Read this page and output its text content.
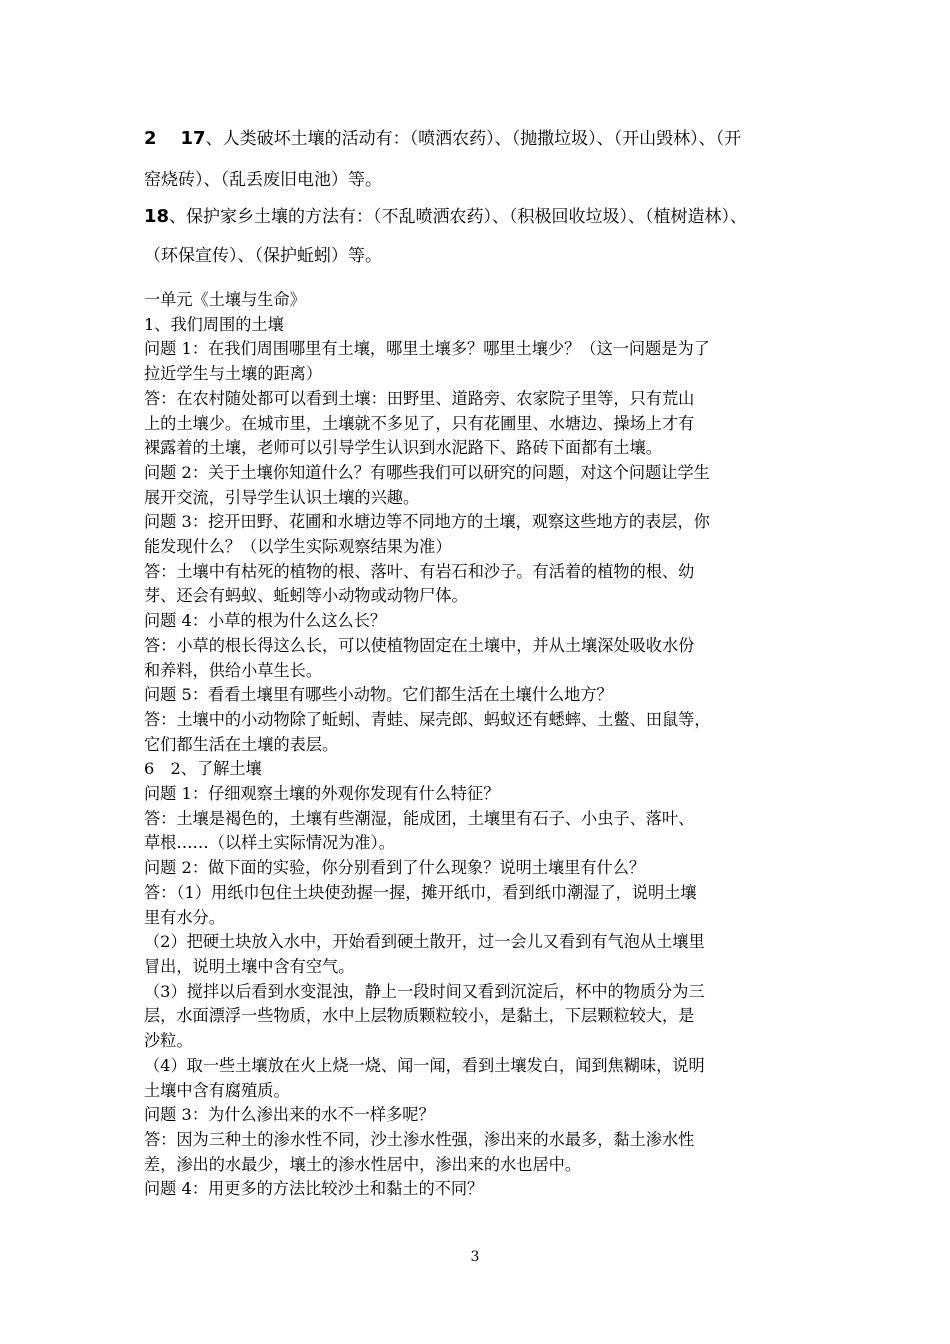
2 17、人类破坏土壤的活动有：（喷洒农药）、（抛撒垃圾）、（开山毁林）、（开
窑烧砖）、（乱丢废旧电池）等。
18、保护家乡土壤的方法有：（不乱喷洒农药）、（积极回收垃圾）、（植树造林）、
（环保宣传）、（保护蚯蚓）等。

一单元《土壤与生命》

1、我们周围的土壤

问题 1：在我们周围哪里有土壤，哪里土壤多？哪里土壤少？（这一问题是为了

拉近学生与土壤的距离）

答：在农村随处都可以看到土壤：田野里、道路旁、农家院子里等，只有荒山

上的土壤少。在城市里，土壤就不多见了，只有花圃里、水塘边、操场上才有

裸露着的土壤，老师可以引导学生认识到水泥路下、路砖下面都有土壤。

问题 2：关于土壤你知道什么？有哪些我们可以研究的问题，对这个问题让学生

展开交流，引导学生认识土壤的兴趣。

问题 3：挖开田野、花圃和水塘边等不同地方的土壤，观察这些地方的表层，你

能发现什么？（以学生实际观察结果为准）

答：土壤中有枯死的植物的根、落叶、有岩石和沙子。有活着的植物的根、幼

芽、还会有蚂蚁、蚯蚓等小动物或动物尸体。

问题 4：小草的根为什么这么长？

答：小草的根长得这么长，可以使植物固定在土壤中，并从土壤深处吸收水份

和养料，供给小草生长。

问题 5：看看土壤里有哪些小动物。它们都生活在土壤什么地方？

答：土壤中的小动物除了蚯蚓、青蛙、屎壳郎、蚂蚁还有蟋蟀、土鳖、田鼠等，

它们都生活在土壤的表层。

6　2、了解土壤

问题 1：仔细观察土壤的外观你发现有什么特征？

答：土壤是褐色的，土壤有些潮湿，能成团，土壤里有石子、小虫子、落叶、

草根……（以样土实际情况为准）。

问题 2：做下面的实验，你分别看到了什么现象？说明土壤里有什么？

答：（1）用纸巾包住土块使劲握一握，摊开纸巾，看到纸巾潮湿了，说明土壤

里有水分。

（2）把硬土块放入水中，开始看到硬土散开，过一会儿又看到有气泡从土壤里

冒出，说明土壤中含有空气。

（3）搅拌以后看到水变混浊，静上一段时间又看到沉淀后，杯中的物质分为三

层，水面漂浮一些物质，水中上层物质颗粒较小，是黏土，下层颗粒较大，是

沙粒。

（4）取一些土壤放在火上烧一烧、闻一闻，看到土壤发白，闻到焦糊味，说明

土壤中含有腐殖质。

问题 3：为什么渗出来的水不一样多呢？

答：因为三种土的渗水性不同，沙土渗水性强，渗出来的水最多，黏土渗水性

差，渗出的水最少，壤土的渗水性居中，渗出来的水也居中。

问题 4：用更多的方法比较沙土和黏土的不同？

3
